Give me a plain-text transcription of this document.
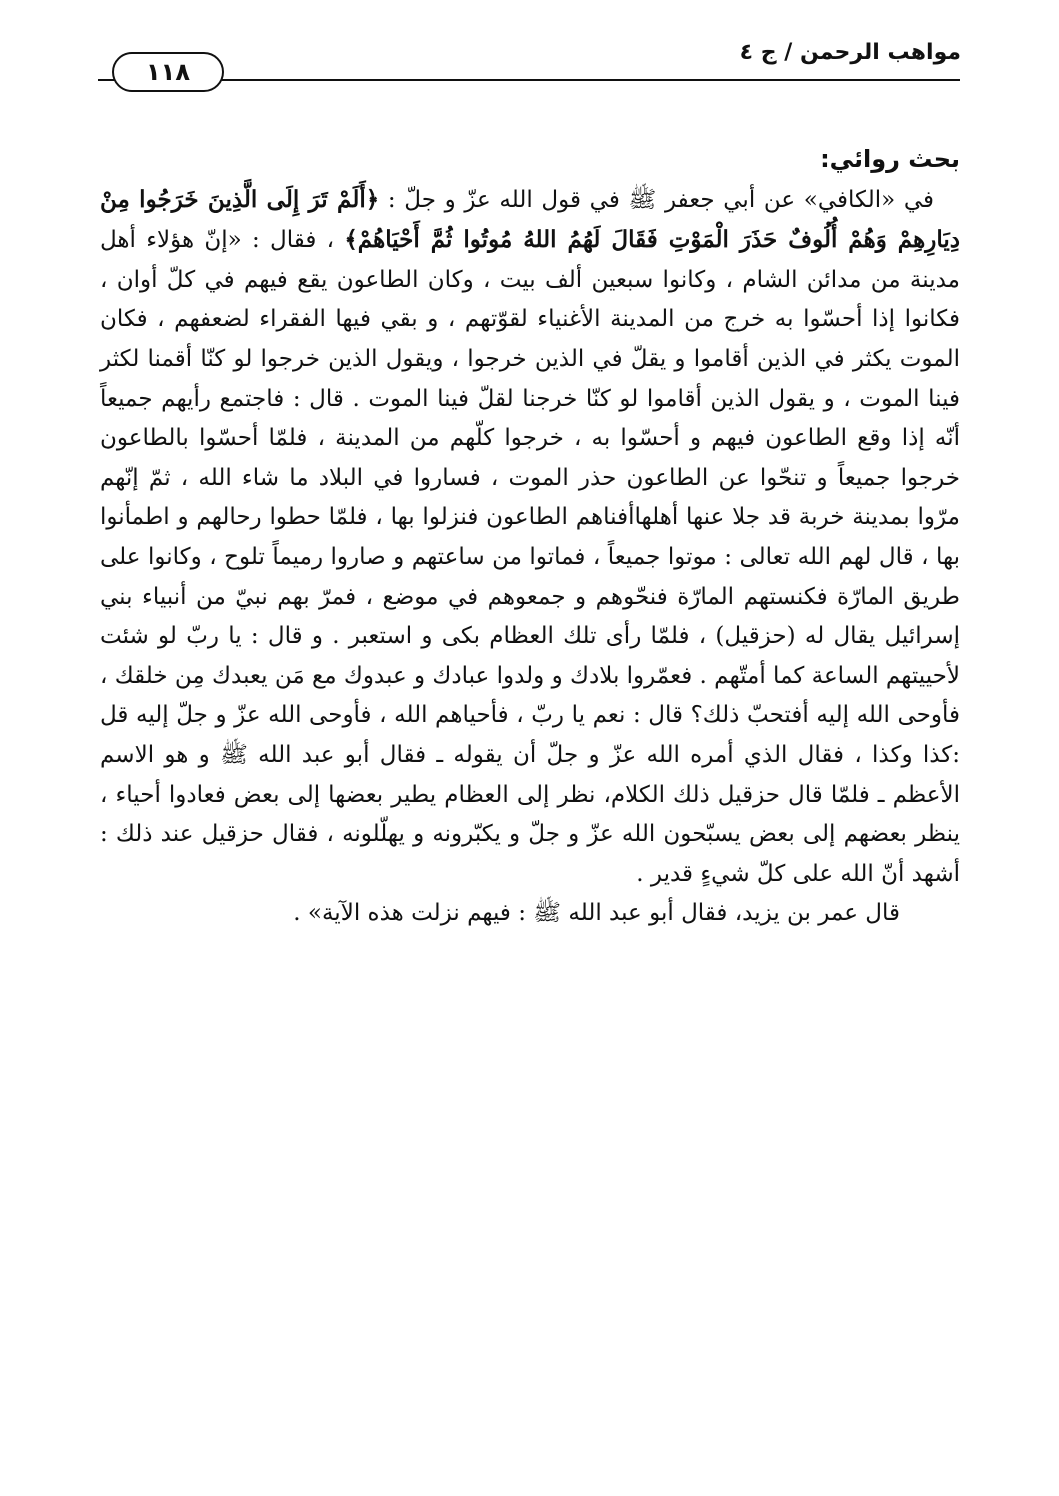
١١٨
مواهب الرحمن / ج ٤

بحث روائي:

في «الكافي» عن أبي جعفر ﷺ في قول الله عزّ و جلّ : ﴿أَلَمْ تَرَ إِلَى الَّذِينَ خَرَجُوا مِنْ دِيَارِهِمْ وَهُمْ أُلُوفٌ حَذَرَ الْمَوْتِ فَقَالَ لَهُمُ اللهُ مُوتُوا ثُمَّ أَحْيَاهُمْ﴾ ، فقال : «إنّ هؤلاء أهل مدينة من مدائن الشام ، وكانوا سبعين ألف بيت ، وكان الطاعون يقع فيهم في كلّ أوان ، فكانوا إذا أحسّوا به خرج من المدينة الأغنياء لقوّتهم ، و بقي فيها الفقراء لضعفهم ، فكان الموت يكثر في الذين أقاموا و يقلّ في الذين خرجوا ، ويقول الذين خرجوا لو كنّا أقمنا لكثر فينا الموت ، و يقول الذين أقاموا لو كنّا خرجنا لقلّ فينا الموت . قال : فاجتمع رأيهم جميعاً أنّه إذا وقع الطاعون فيهم و أحسّوا به ، خرجوا كلّهم من المدينة ، فلمّا أحسّوا بالطاعون خرجوا جميعاً و تنحّوا عن الطاعون حذر الموت ، فساروا في البلاد ما شاء الله ، ثمّ إنّهم مرّوا بمدينة خربة قد جلا عنها أهلهاأفناهم الطاعون فنزلوا بها ، فلمّا حطوا رحالهم و اطمأنوا بها ، قال لهم الله تعالى : موتوا جميعاً ، فماتوا من ساعتهم و صاروا رميماً تلوح ، وكانوا على طريق المارّة فكنستهم المارّة فنحّوهم و جمعوهم في موضع ، فمرّ بهم نبيّ من أنبياء بني إسرائيل يقال له (حزقيل) ، فلمّا رأى تلك العظام بكى و استعبر . و قال : يا ربّ لو شئت لأحييتهم الساعة كما أمتّهم . فعمّروا بلادك و ولدوا عبادك و عبدوك مع مَن يعبدك مِن خلقك ، فأوحى الله إليه أفتحبّ ذلك؟ قال : نعم يا ربّ ، فأحياهم الله ، فأوحى الله عزّ و جلّ إليه قل :كذا وكذا ، فقال الذي أمره الله عزّ و جلّ أن يقوله ـ فقال أبو عبد الله ﷺ و هو الاسم الأعظم ـ فلمّا قال حزقيل ذلك الكلام، نظر إلى العظام يطير بعضها إلى بعض فعادوا أحياء ، ينظر بعضهم إلى بعض يسبّحون الله عزّ و جلّ و يكبّرونه و يهلّلونه ، فقال حزقيل عند ذلك : أشهد أنّ الله على كلّ شيءٍ قدير .

قال عمر بن يزيد، فقال أبو عبد الله ﷺ : فيهم نزلت هذه الآية» .
